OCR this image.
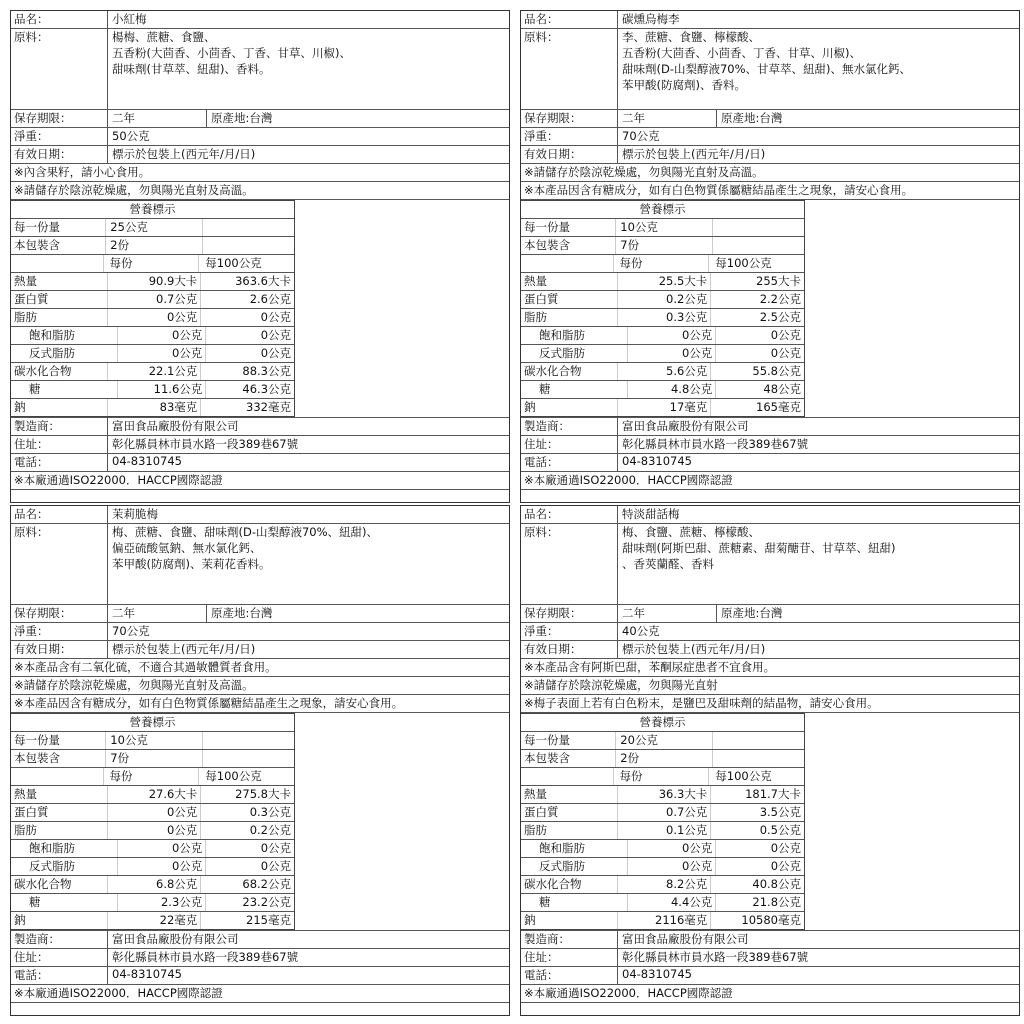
品名：	小紅梅
原料：	楊梅、蔗糖、食鹽、
五香粉(大茴香、小茴香、丁香、甘草、川椒)、
甜味劑(甘草萃、紐甜)、香料。
保存期限：	二年	原產地:台灣
淨重：	50公克
有效日期：	標示於包裝上(西元年/月/日)
※內含果籽，請小心食用。
※請儲存於陰涼乾燥處，勿與陽光直射及高溫。
營養標示
每一份量	25公克
本包裝含	2份
每份	每100公克
熱量	90.9大卡	363.6大卡
蛋白質	0.7公克	2.6公克
脂肪	0公克	0公克
飽和脂肪	0公克	0公克
反式脂肪	0公克	0公克
碳水化合物	22.1公克	88.3公克
糖	11.6公克	46.3公克
鈉	83毫克	332毫克
製造商：	富田食品廠股份有限公司
住址：	彰化縣員林市員水路一段389巷67號
電話：	04-8310745
※本廠通過ISO22000．HACCP國際認證
品名：	碳燻烏梅李
原料：	李、蔗糖、食鹽、檸檬酸、
五香粉(大茴香、小茴香、丁香、甘草、川椒)、
甜味劑(D-山梨醇液70%、甘草萃、紐甜)、無水氯化鈣、
苯甲酸(防腐劑)、香料。
保存期限：	二年	原產地:台灣
淨重：	70公克
有效日期：	標示於包裝上(西元年/月/日)
※請儲存於陰涼乾燥處，勿與陽光直射及高溫。
※本產品因含有糖成分，如有白色物質係屬糖結晶產生之現象，請安心食用。
營養標示
每一份量	10公克
本包裝含	7份
每份	每100公克
熱量	25.5大卡	255大卡
蛋白質	0.2公克	2.2公克
脂肪	0.3公克	2.5公克
飽和脂肪	0公克	0公克
反式脂肪	0公克	0公克
碳水化合物	5.6公克	55.8公克
糖	4.8公克	48公克
鈉	17毫克	165毫克
製造商：	富田食品廠股份有限公司
住址：	彰化縣員林市員水路一段389巷67號
電話：	04-8310745
※本廠通過ISO22000．HACCP國際認證
品名：	茉莉脆梅
原料：	梅、蔗糖、食鹽、甜味劑(D-山梨醇液70%、紐甜)、
偏亞硫酸氫鈉、無水氯化鈣、
苯甲酸(防腐劑)、茉莉花香料。
保存期限：	二年	原產地:台灣
淨重：	70公克
有效日期：	標示於包裝上(西元年/月/日)
※本產品含有二氧化硫，不適合其過敏體質者食用。
※請儲存於陰涼乾燥處，勿與陽光直射及高溫。
※本產品因含有糖成分，如有白色物質係屬糖結晶產生之現象，請安心食用。
營養標示
每一份量	10公克
本包裝含	7份
每份	每100公克
熱量	27.6大卡	275.8大卡
蛋白質	0公克	0.3公克
脂肪	0公克	0.2公克
飽和脂肪	0公克	0公克
反式脂肪	0公克	0公克
碳水化合物	6.8公克	68.2公克
糖	2.3公克	23.2公克
鈉	22毫克	215毫克
製造商：	富田食品廠股份有限公司
住址：	彰化縣員林市員水路一段389巷67號
電話：	04-8310745
※本廠通過ISO22000．HACCP國際認證
品名：	特淡甜話梅
原料：	梅、食鹽、蔗糖、檸檬酸、
甜味劑(阿斯巴甜、蔗糖素、甜菊醣苷、甘草萃、紐甜)
、香莢蘭醛、香料
保存期限：	二年	原產地:台灣
淨重：	40公克
有效日期：	標示於包裝上(西元年/月/日)
※本產品含有阿斯巴甜，苯酮尿症患者不宜食用。
※請儲存於陰涼乾燥處，勿與陽光直射
※梅子表面上若有白色粉末，是鹽巴及甜味劑的結晶物，請安心食用。
營養標示
每一份量	20公克
本包裝含	2份
每份	每100公克
熱量	36.3大卡	181.7大卡
蛋白質	0.7公克	3.5公克
脂肪	0.1公克	0.5公克
飽和脂肪	0公克	0公克
反式脂肪	0公克	0公克
碳水化合物	8.2公克	40.8公克
糖	4.4公克	21.8公克
鈉	2116毫克	10580毫克
製造商：	富田食品廠股份有限公司
住址：	彰化縣員林市員水路一段389巷67號
電話：	04-8310745
※本廠通過ISO22000．HACCP國際認證
